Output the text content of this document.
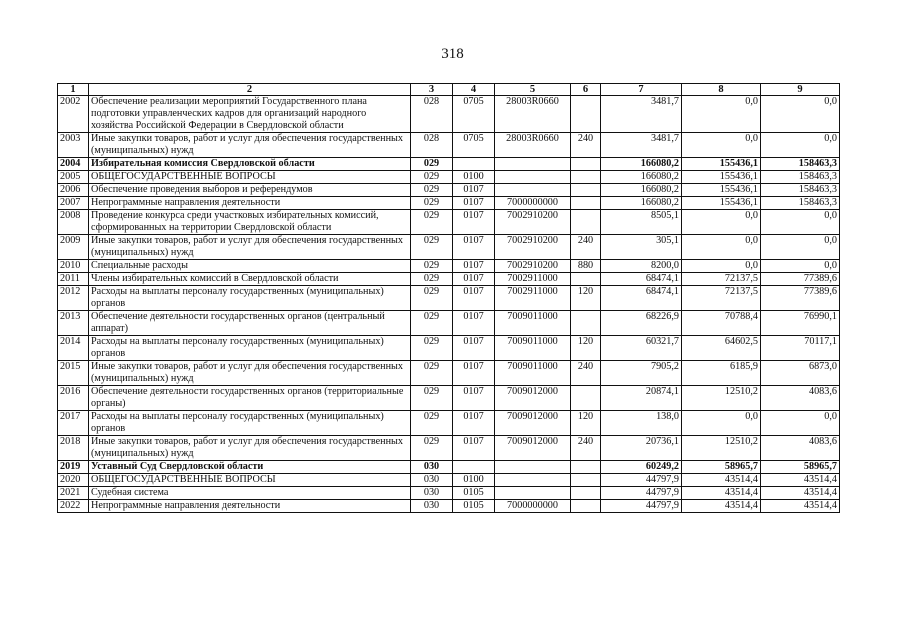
318
1	2	3	4	5	6	7	8	9
2002	Обеспечение реализации мероприятий Государственного плана подготовки управленческих кадров для организаций народного хозяйства Российской Федерации в Свердловской области	028	0705	28003R0660		3481,7	0,0	0,0
2003	Иные закупки товаров, работ и услуг для обеспечения государственных (муниципальных) нужд	028	0705	28003R0660	240	3481,7	0,0	0,0
2004	Избирательная комиссия Свердловской области	029				166080,2	155436,1	158463,3
2005	ОБЩЕГОСУДАРСТВЕННЫЕ ВОПРОСЫ	029	0100			166080,2	155436,1	158463,3
2006	Обеспечение проведения выборов и референдумов	029	0107			166080,2	155436,1	158463,3
2007	Непрограммные направления деятельности	029	0107	7000000000		166080,2	155436,1	158463,3
2008	Проведение конкурса среди участковых избирательных комиссий, сформированных на территории Свердловской области	029	0107	7002910200		8505,1	0,0	0,0
2009	Иные закупки товаров, работ и услуг для обеспечения государственных (муниципальных) нужд	029	0107	7002910200	240	305,1	0,0	0,0
2010	Специальные расходы	029	0107	7002910200	880	8200,0	0,0	0,0
2011	Члены избирательных комиссий в Свердловской области	029	0107	7002911000		68474,1	72137,5	77389,6
2012	Расходы на выплаты персоналу государственных (муниципальных) органов	029	0107	7002911000	120	68474,1	72137,5	77389,6
2013	Обеспечение деятельности государственных органов (центральный аппарат)	029	0107	7009011000		68226,9	70788,4	76990,1
2014	Расходы на выплаты персоналу государственных (муниципальных) органов	029	0107	7009011000	120	60321,7	64602,5	70117,1
2015	Иные закупки товаров, работ и услуг для обеспечения государственных (муниципальных) нужд	029	0107	7009011000	240	7905,2	6185,9	6873,0
2016	Обеспечение деятельности государственных органов (территориальные органы)	029	0107	7009012000		20874,1	12510,2	4083,6
2017	Расходы на выплаты персоналу государственных (муниципальных) органов	029	0107	7009012000	120	138,0	0,0	0,0
2018	Иные закупки товаров, работ и услуг для обеспечения государственных (муниципальных) нужд	029	0107	7009012000	240	20736,1	12510,2	4083,6
2019	Уставный Суд Свердловской области	030				60249,2	58965,7	58965,7
2020	ОБЩЕГОСУДАРСТВЕННЫЕ ВОПРОСЫ	030	0100			44797,9	43514,4	43514,4
2021	Судебная система	030	0105			44797,9	43514,4	43514,4
2022	Непрограммные направления деятельности	030	0105	7000000000		44797,9	43514,4	43514,4
